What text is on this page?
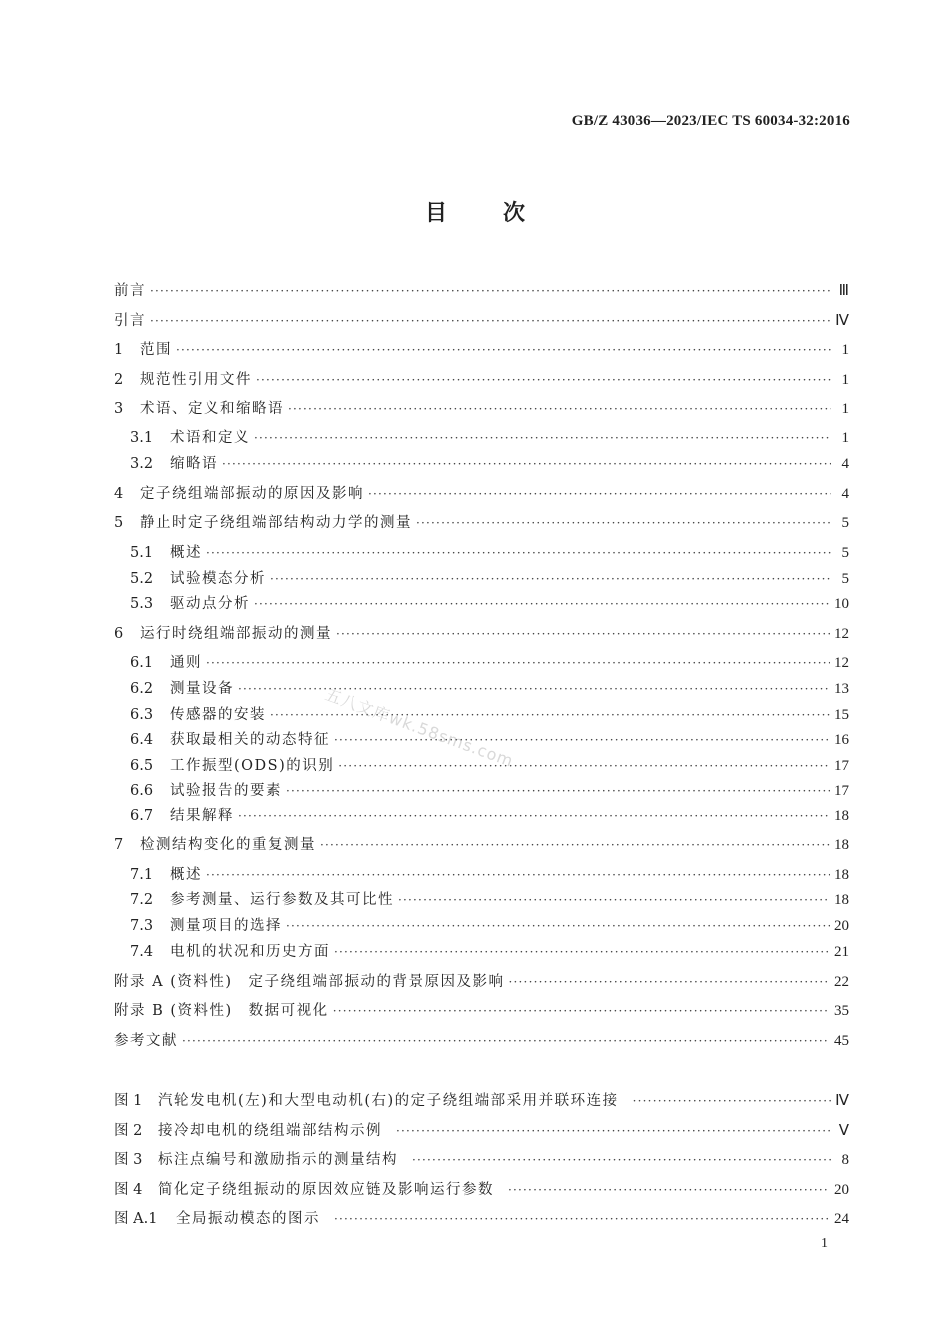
GB/Z 43036—2023/IEC TS 60034-32:2016
目次
前言 ·····	Ⅲ
引言 ·····	Ⅳ
1	范围 ·····	1
2	规范性引用文件 ·····	1
3	术语、定义和缩略语 ·····	1
3.1	术语和定义 ·····	1
3.2	缩略语 ·····	4
4	定子绕组端部振动的原因及影响 ·····	4
5	静止时定子绕组端部结构动力学的测量 ·····	5
5.1	概述 ·····	5
5.2	试验模态分析 ·····	5
5.3	驱动点分析 ·····	10
6	运行时绕组端部振动的测量 ·····	12
6.1	通则 ·····	12
6.2	测量设备 ·····	13
6.3	传感器的安装 ·····	15
6.4	获取最相关的动态特征 ·····	16
6.5	工作振型(ODS)的识别 ·····	17
6.6	试验报告的要素 ·····	17
6.7	结果解释 ·····	18
7	检测结构变化的重复测量 ·····	18
7.1	概述 ·····	18
7.2	参考测量、运行参数及其可比性 ·····	18
7.3	测量项目的选择 ·····	20
7.4	电机的状况和历史方面 ·····	21
附录 A (资料性)　定子绕组端部振动的背景原因及影响 ·····	22
附录 B (资料性)　数据可视化 ·····	35
参考文献 ·····	45
图 1	汽轮发电机(左)和大型电动机(右)的定子绕组端部采用并联环连接 ·····	Ⅳ
图 2	接冷却电机的绕组端部结构示例 ·····	Ⅴ
图 3	标注点编号和激励指示的测量结构 ·····	8
图 4	简化定子绕组振动的原因效应链及影响运行参数 ·····	20
图 A.1	全局振动模态的图示 ·····	24
五八文库wk.58sms.com
1
